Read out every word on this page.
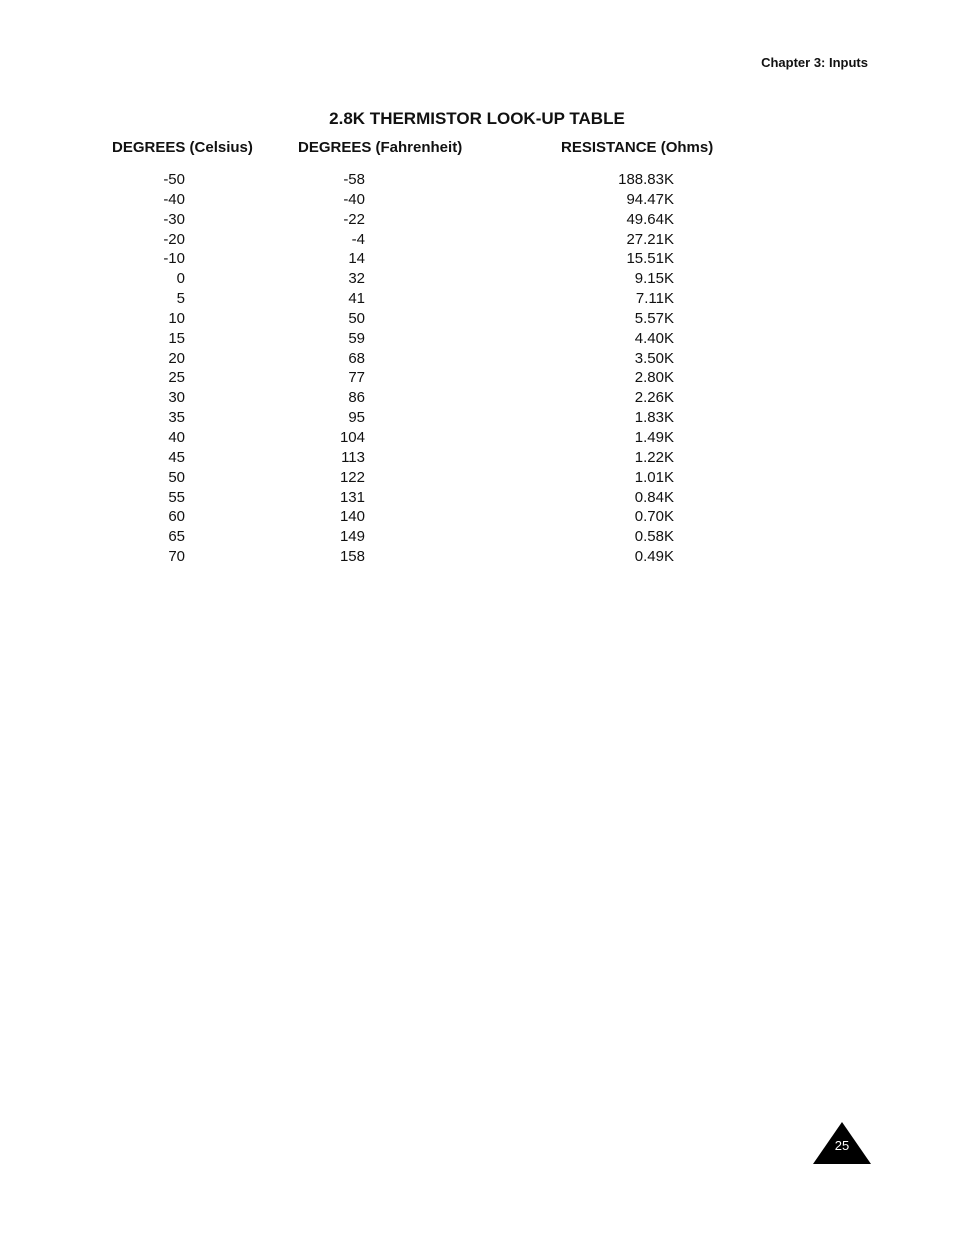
Chapter 3: Inputs
2.8K THERMISTOR LOOK-UP TABLE
DEGREES (Celsius)	DEGREES (Fahrenheit)	RESISTANCE (Ohms)
-50	-58	188.83K
-40	-40	94.47K
-30	-22	49.64K
-20	-4	27.21K
-10	14	15.51K
0	32	9.15K
5	41	7.11K
10	50	5.57K
15	59	4.40K
20	68	3.50K
25	77	2.80K
30	86	2.26K
35	95	1.83K
40	104	1.49K
45	113	1.22K
50	122	1.01K
55	131	0.84K
60	140	0.70K
65	149	0.58K
70	158	0.49K
25
